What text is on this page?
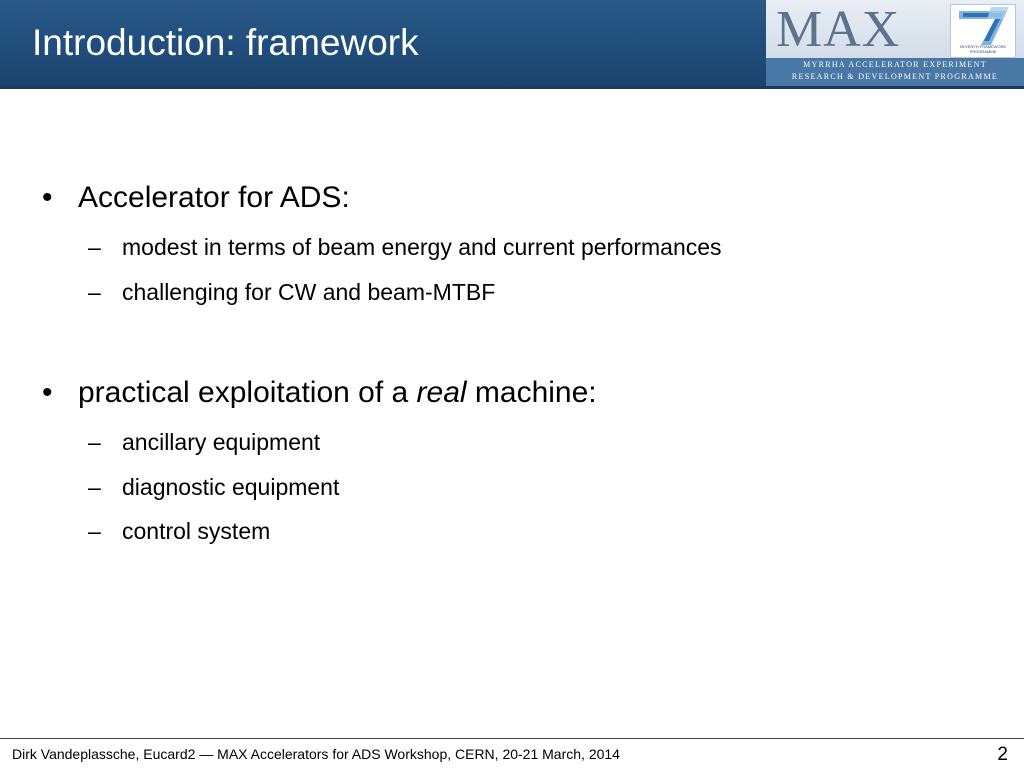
Introduction: framework	MAX	SEVENTH FRAMEWORK PROGRAMME
MYRRHA ACCELERATOR EXPERIMENT
RESEARCH & DEVELOPMENT PROGRAMME
• Accelerator for ADS:
– modest in terms of beam energy and current performances
– challenging for CW and beam-MTBF
• practical exploitation of a real machine:
– ancillary equipment
– diagnostic equipment
– control system
Dirk Vandeplassche, Eucard2 — MAX Accelerators for ADS Workshop, CERN, 20-21 March, 2014	2
